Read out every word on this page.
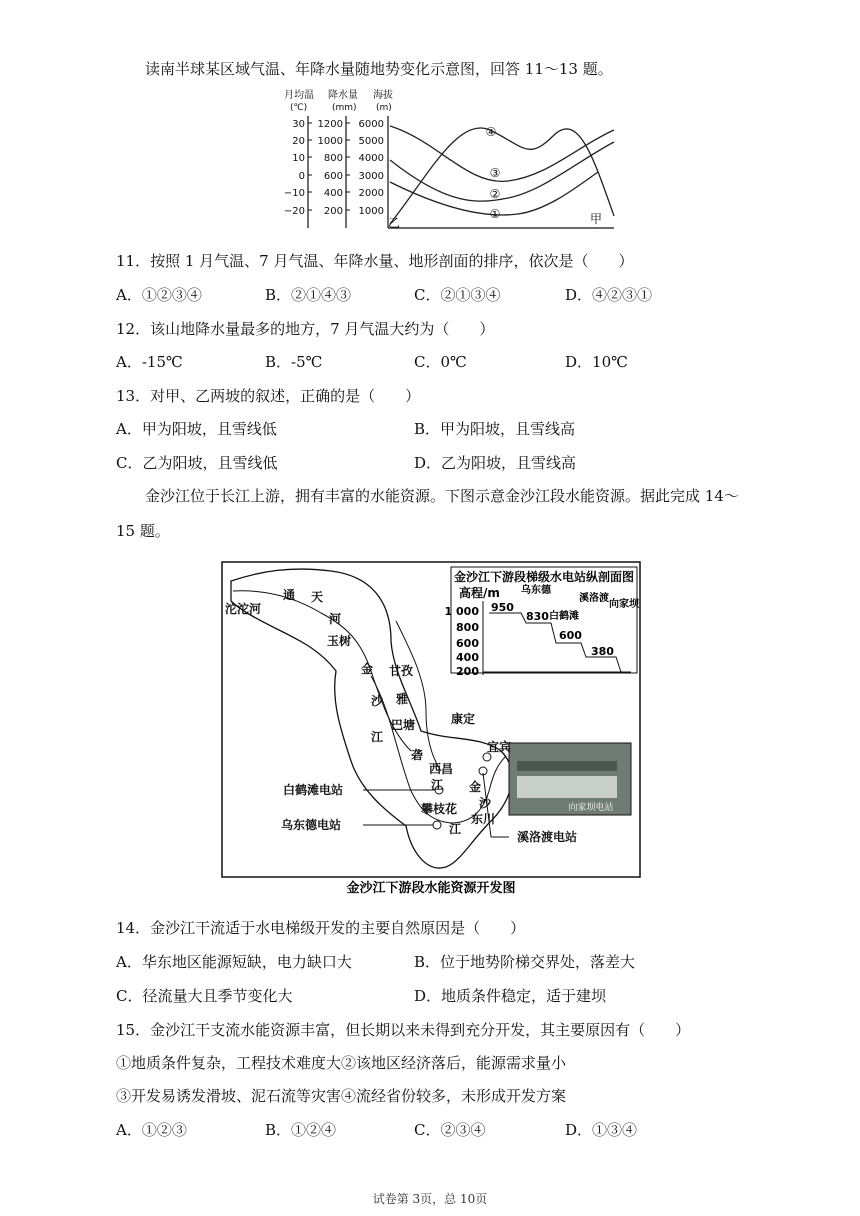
读南半球某区域气温、年降水量随地势变化示意图，回答 11～13 题。
月均温 降水量 海拔
(℃)	(mm) (m)
30
20
10
0
−10
−20
1200
1000
800
600
400
200
6000
5000
4000
3000
2000
1000
④
③
②
①
乙	甲
11．按照 1 月气温、7 月气温、年降水量、地形剖面的排序，依次是（　　）
A．①②③④	B．②①④③	C．②①③④	D．④②③①
12．该山地降水量最多的地方，7 月气温大约为（　　）
A．-15℃	B．-5℃	C．0℃	D．10℃
13．对甲、乙两坡的叙述，正确的是（　　）
A．甲为阳坡，且雪线低	B．甲为阳坡，且雪线高
C．乙为阳坡，且雪线低	D．乙为阳坡，且雪线高
金沙江位于长江上游，拥有丰富的水能资源。下图示意金沙江段水能资源。据此完成 14～
15 题。
金沙江下游段梯级水电站纵剖面图
高程/m
1 000
800
600
400
200
950
830
600
380
乌东德
白鹤滩
溪洛渡
向家坝
向家坝电站
沱沱河
通 天
河
玉树
金
沙
江
甘孜
雅
巴塘	康定
砻
西昌
江 金
沙
东川
攀枝花
江
宜宾
白鹤滩电站
乌东德电站
溪洛渡电站
金沙江下游段水能资源开发图
14．金沙江干流适于水电梯级开发的主要自然原因是（　　）
A．华东地区能源短缺，电力缺口大	B．位于地势阶梯交界处，落差大
C．径流量大且季节变化大	D．地质条件稳定，适于建坝
15．金沙江干支流水能资源丰富，但长期以来未得到充分开发，其主要原因有（　　）
①地质条件复杂，工程技术难度大②该地区经济落后，能源需求量小
③开发易诱发滑坡、泥石流等灾害④流经省份较多，未形成开发方案
A．①②③	B．①②④	C．②③④	D．①③④
试卷第 3页，总 10页
